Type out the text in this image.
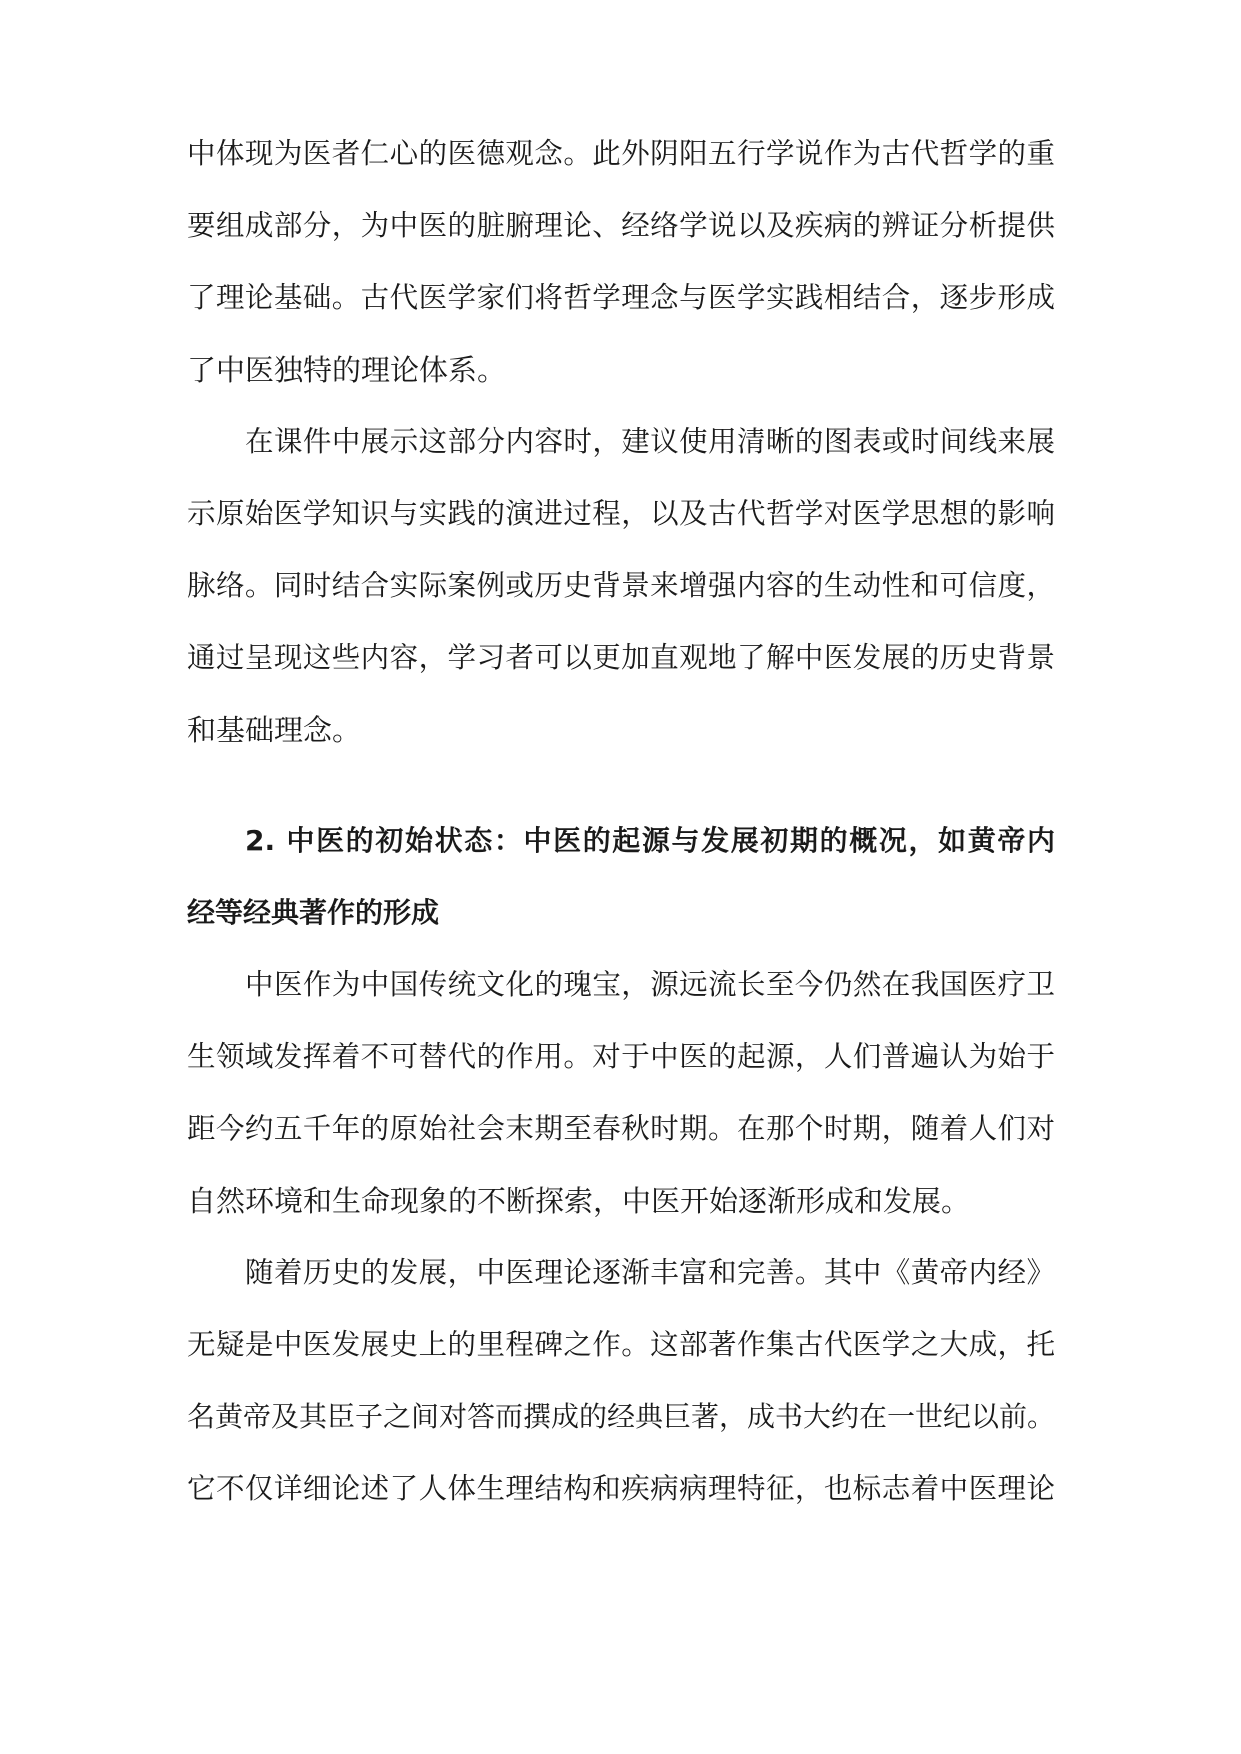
中体现为医者仁心的医德观念。此外阴阳五行学说作为古代哲学的重
要组成部分，为中医的脏腑理论、经络学说以及疾病的辨证分析提供
了理论基础。古代医学家们将哲学理念与医学实践相结合，逐步形成
了中医独特的理论体系。
在课件中展示这部分内容时，建议使用清晰的图表或时间线来展
示原始医学知识与实践的演进过程，以及古代哲学对医学思想的影响
脉络。同时结合实际案例或历史背景来增强内容的生动性和可信度，
通过呈现这些内容，学习者可以更加直观地了解中医发展的历史背景
和基础理念。
2. 中医的初始状态：中医的起源与发展初期的概况，如黄帝内
经等经典著作的形成
中医作为中国传统文化的瑰宝，源远流长至今仍然在我国医疗卫
生领域发挥着不可替代的作用。对于中医的起源，人们普遍认为始于
距今约五千年的原始社会末期至春秋时期。在那个时期，随着人们对
自然环境和生命现象的不断探索，中医开始逐渐形成和发展。
随着历史的发展，中医理论逐渐丰富和完善。其中《黄帝内经》
无疑是中医发展史上的里程碑之作。这部著作集古代医学之大成，托
名黄帝及其臣子之间对答而撰成的经典巨著，成书大约在一世纪以前。
它不仅详细论述了人体生理结构和疾病病理特征，也标志着中医理论
